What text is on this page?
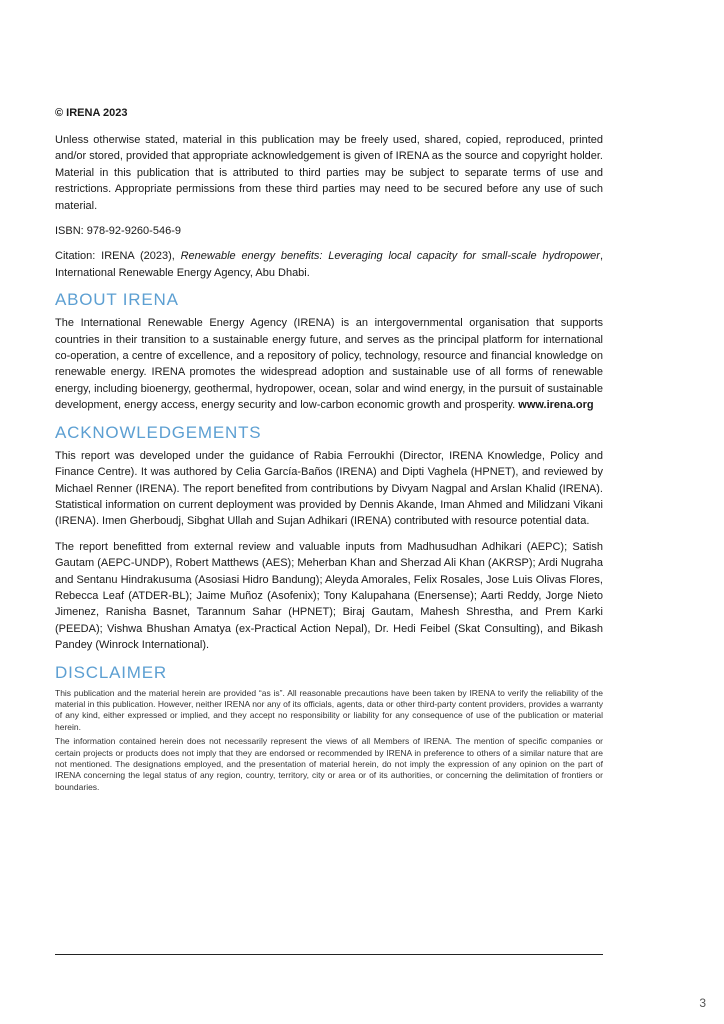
© IRENA 2023

Unless otherwise stated, material in this publication may be freely used, shared, copied, reproduced, printed and/or stored, provided that appropriate acknowledgement is given of IRENA as the source and copyright holder. Material in this publication that is attributed to third parties may be subject to separate terms of use and restrictions. Appropriate permissions from these third parties may need to be secured before any use of such material.

ISBN: 978-92-9260-546-9

Citation: IRENA (2023), Renewable energy benefits: Leveraging local capacity for small-scale hydropower, International Renewable Energy Agency, Abu Dhabi.

ABOUT IRENA

The International Renewable Energy Agency (IRENA) is an intergovernmental organisation that supports countries in their transition to a sustainable energy future, and serves as the principal platform for international co-operation, a centre of excellence, and a repository of policy, technology, resource and financial knowledge on renewable energy. IRENA promotes the widespread adoption and sustainable use of all forms of renewable energy, including bioenergy, geothermal, hydropower, ocean, solar and wind energy, in the pursuit of sustainable development, energy access, energy security and low-carbon economic growth and prosperity. www.irena.org

ACKNOWLEDGEMENTS

This report was developed under the guidance of Rabia Ferroukhi (Director, IRENA Knowledge, Policy and Finance Centre). It was authored by Celia García-Baños (IRENA) and Dipti Vaghela (HPNET), and reviewed by Michael Renner (IRENA). The report benefited from contributions by Divyam Nagpal and Arslan Khalid (IRENA). Statistical information on current deployment was provided by Dennis Akande, Iman Ahmed and Milidzani Vikani (IRENA). Imen Gherboudj, Sibghat Ullah and Sujan Adhikari (IRENA) contributed with resource potential data.

The report benefitted from external review and valuable inputs from Madhusudhan Adhikari (AEPC); Satish Gautam (AEPC-UNDP), Robert Matthews (AES); Meherban Khan and Sherzad Ali Khan (AKRSP); Ardi Nugraha and Sentanu Hindrakusuma (Asosiasi Hidro Bandung); Aleyda Amorales, Felix Rosales, Jose Luis Olivas Flores, Rebecca Leaf (ATDER-BL); Jaime Muñoz (Asofenix); Tony Kalupahana (Enersense); Aarti Reddy, Jorge Nieto Jimenez, Ranisha Basnet, Tarannum Sahar (HPNET); Biraj Gautam, Mahesh Shrestha, and Prem Karki (PEEDA); Vishwa Bhushan Amatya (ex-Practical Action Nepal), Dr. Hedi Feibel (Skat Consulting), and Bikash Pandey (Winrock International).

DISCLAIMER

This publication and the material herein are provided “as is”. All reasonable precautions have been taken by IRENA to verify the reliability of the material in this publication. However, neither IRENA nor any of its officials, agents, data or other third-party content providers, provides a warranty of any kind, either expressed or implied, and they accept no responsibility or liability for any consequence of use of the publication or material herein.

The information contained herein does not necessarily represent the views of all Members of IRENA. The mention of specific companies or certain projects or products does not imply that they are endorsed or recommended by IRENA in preference to others of a similar nature that are not mentioned. The designations employed, and the presentation of material herein, do not imply the expression of any opinion on the part of IRENA concerning the legal status of any region, country, territory, city or area or of its authorities, or concerning the delimitation of frontiers or boundaries.

3
